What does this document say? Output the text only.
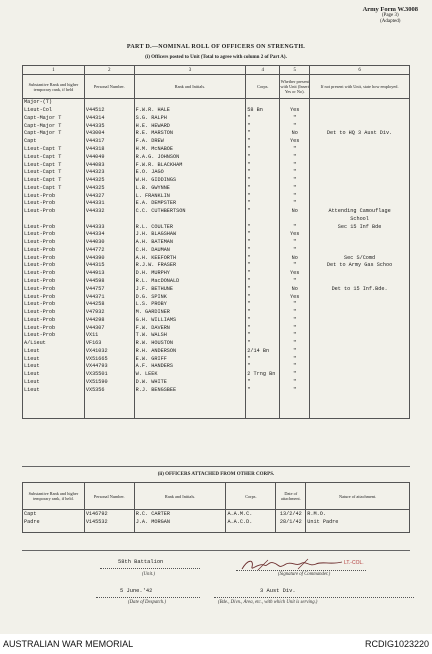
Army Form W.3008
(Page 3)
(Adapted)
PART D.—NOMINAL ROLL OF OFFICERS ON STRENGTH.
(i) Officers posted to Unit (Total to agree with column 2 of Part A).
1	2	3	4	5	6
Substantive Rank and higher temporary rank, if held	Personal Number.	Rank and Initials.	Corps.	Whether present with Unit (Insert Yes or No).	If not present with Unit, state how employed.
Major-(T)					
Lieut-Col	V44512	F.W.R. HALE	58 Bn	Yes	
Capt-Major T	V44314	S.G. RALPH	"	"	
Capt-Major T	V44335	H.E. HEWARD	"	"	
Capt-Major T	V43004	R.E. MARSTON	"	No	Det to HQ 3 Aust Div.
Capt	V44317	F.A. DREW	"	Yes	
Lieut-Capt T	V44318	H.M. McNABOE	"	"	
Lieut-Capt T	V44049	R.A.G. JOHNSON	"	"	
Lieut-Capt T	V44083	F.W.R. BLACKHAM	"	"	
Lieut-Capt T	V44323	E.O. JAGO	"	"	
Lieut-Capt T	V44325	W.H. GIDDINGS	"	"	
Lieut-Capt T	V44325	L.B. GWYNNE	"	"	
Lieut-Prob	V44327	L. FRANKLIN	"	"	
Lieut-Prob	V44331	E.A. DEMPSTER	"	"	
Lieut-Prob	V44332	C.C. CUTHBERTSON	"	No	Attending Camouflage
					School
Lieut-Prob	V44333	R.L. COULTER	"	"	Sec 15 Inf Bde
Lieut-Prob	V44334	J.H. BLAGSHAW	"	Yes	
Lieut-Prob	V44030	A.H. BATEMAN	"	"	
Lieut-Prob	V44772	C.H. DAUMAN	"	"	
Lieut-Prob	V44390	A.H. KEEFORTH	"	No	Sec S/Comd
Lieut-Prob	V44315	R.J.W. FRASER	"	"	Det to Army Gas Schoo
Lieut-Prob	V44913	D.H. MURPHY	"	Yes	
Lieut-Prob	V44598	R.L. MacDONALD	"	"	
Lieut-Prob	V44757	J.F. BETHUNE	"	No	Det to 15 Inf.Bde.
Lieut-Prob	V44371	D.G. SPINK	"	Yes	
Lieut-Prob	V44258	L.S. PROBY	"	"	
Lieut-Prob	V47932	M. GARDINER	"	"	
Lieut-Prob	V44298	G.H. WILLIAMS	"	"	
Lieut-Prob	V44307	F.W. DAVERN	"	"	
Lieut-Prob	VX11	T.W. WALSH	"	"	
A/Lieut	VF163	R.W. HOUSTON	"	"	
Lieut	VX41032	R.H. ANDERSON	2/14 Bn	"	
Lieut	VX51665	E.W. GRIFF	"	"	
Lieut	VX44793	A.F. HANDERS	"	"	
Lieut	VX35501	W. LEEK	2 Trng Bn	"	
Lieut	VX51590	D.W. WHITE	"	"	
Lieut	VX5356	R.J. BENGSBEE	"	"	

(ii) OFFICERS ATTACHED FROM OTHER CORPS.
Substantive Rank and higher temporary rank, if held.	Personal Number.	Rank and Initials.	Corps.	Date of attachment.	Nature of attachment.
Capt	V146792	R.C. CARTER	A.A.M.C.	13/2/42	R.M.O.
Padre	V145532	J.A. MORGAN	A.A.C.D.	28/1/42	Unit Padre

58th Battalion
(Unit.)
LT.-COL.
(Signature of Commander.)
5 June.'42
(Date of Despatch.)
3 Aust Div.
(Bde., Divn., Area, etc., with which Unit is serving.)
AUSTRALIAN WAR MEMORIAL	RCDIG1023220
